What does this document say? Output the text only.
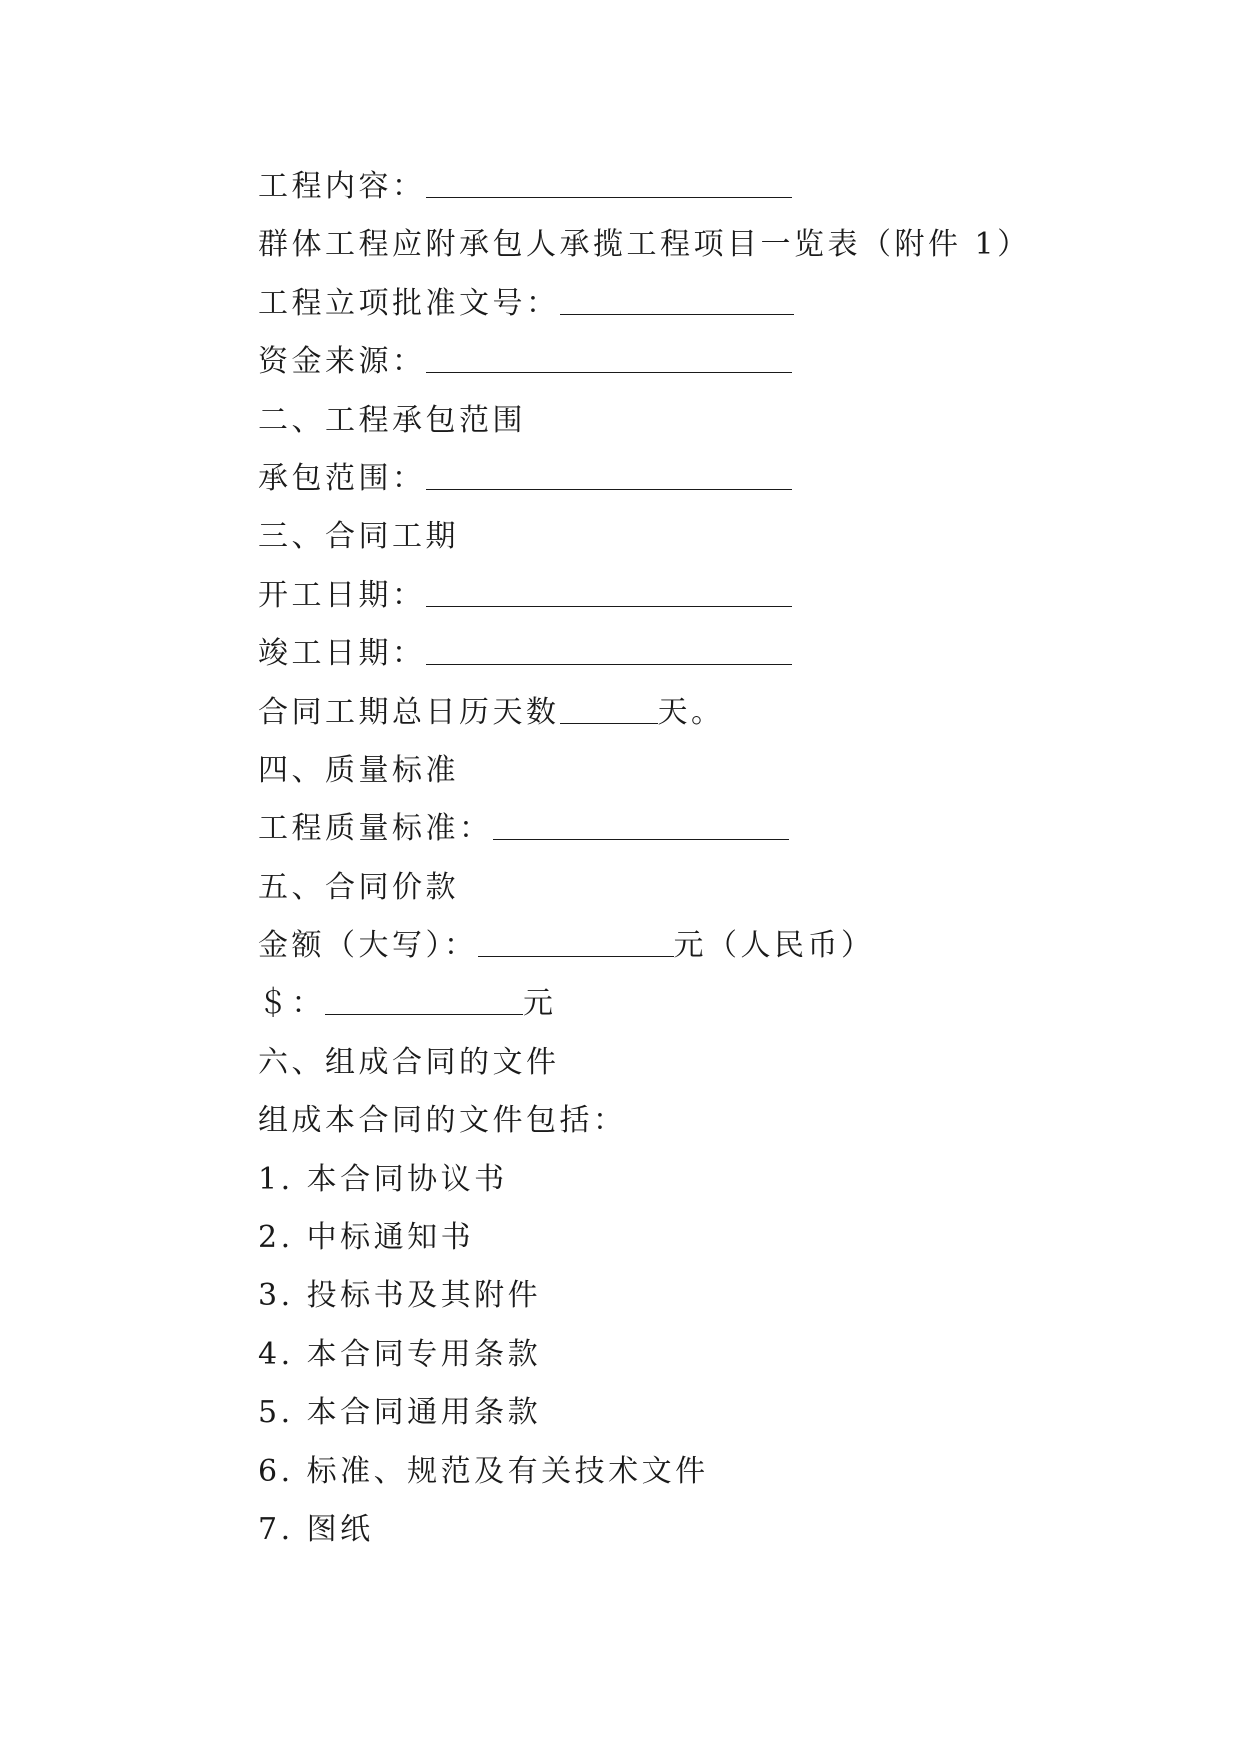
工程内容：
群体工程应附承包人承揽工程项目一览表（附件 1）
工程立项批准文号：
资金来源：
二、工程承包范围
承包范围：
三、合同工期
开工日期：
竣工日期：
合同工期总日历天数	天。
四、质量标准
工程质量标准：
五、合同价款
金额（大写）：	元（人民币）
＄：	元
六、组成合同的文件
组成本合同的文件包括：
1. 本合同协议书
2. 中标通知书
3. 投标书及其附件
4. 本合同专用条款
5. 本合同通用条款
6. 标准、规范及有关技术文件
7. 图纸
